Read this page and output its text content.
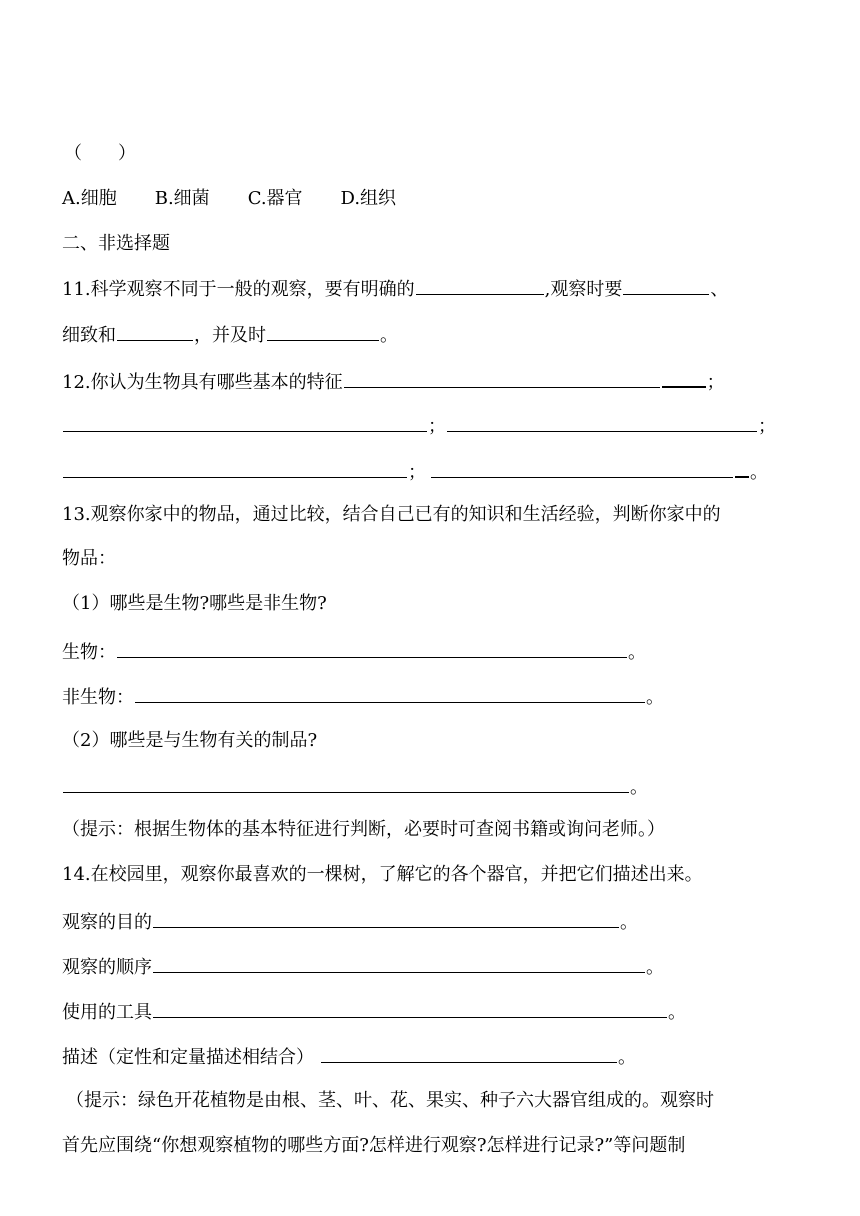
（　　）
A.细胞 B.细菌 C.器官 D.组织
二、非选择题
11.科学观察不同于一般的观察，要有明确的	,观察时要	、
细致和	，并及时	。
12.你认为生物具有哪些基本的特征	；
；	；
；	。
13.观察你家中的物品，通过比较，结合自己已有的知识和生活经验，判断你家中的
物品：
（1）哪些是生物?哪些是非生物?
生物：	。
非生物：	。
（2）哪些是与生物有关的制品?
。
（提示：根据生物体的基本特征进行判断，必要时可查阅书籍或询问老师。）
14.在校园里，观察你最喜欢的一棵树，了解它的各个器官，并把它们描述出来。
观察的目的	。
观察的顺序	。
使用的工具	。
描述（定性和定量描述相结合）	。
（提示：绿色开花植物是由根、茎、叶、花、果实、种子六大器官组成的。观察时
首先应围绕“你想观察植物的哪些方面?怎样进行观察?怎样进行记录?”等问题制
